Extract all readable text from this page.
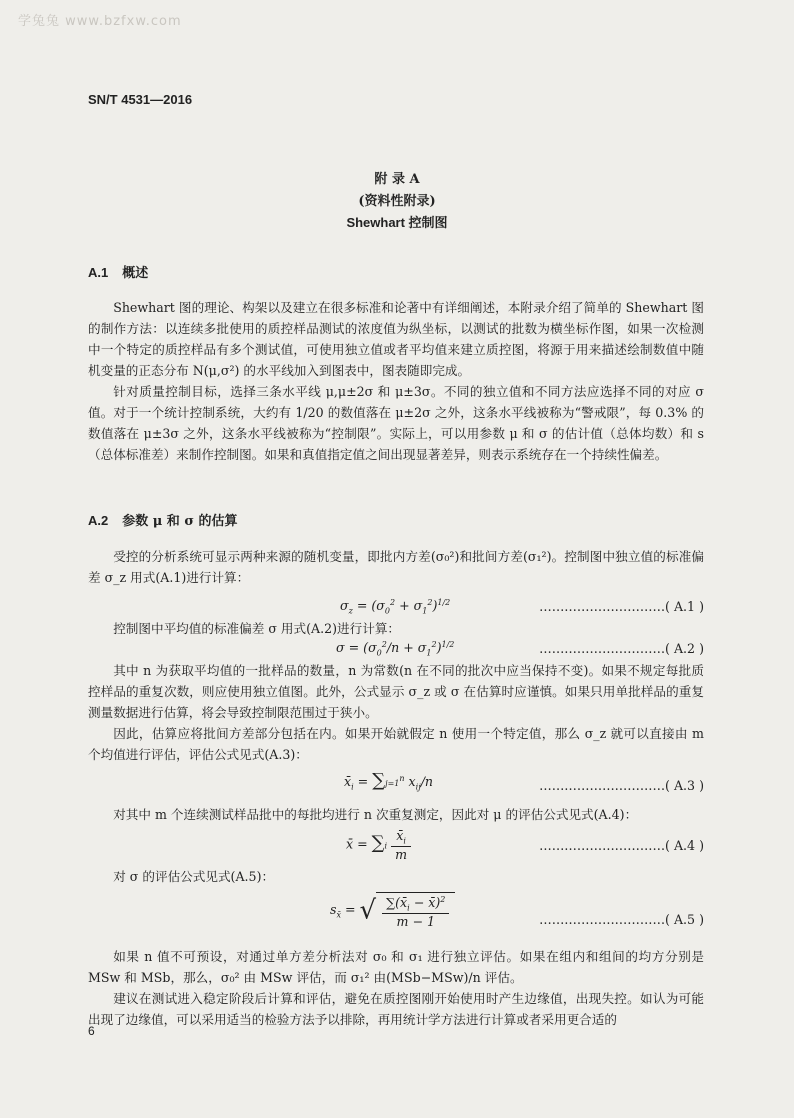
学兔兔 www.bzfxw.com
SN/T 4531—2016
附 录 A
(资料性附录)
Shewhart 控制图
A.1 概述
Shewhart 图的理论、构架以及建立在很多标准和论著中有详细阐述，本附录介绍了简单的 Shewhart 图的制作方法：以连续多批使用的质控样品测试的浓度值为纵坐标，以测试的批数为横坐标作图，如果一次检测中一个特定的质控样品有多个测试值，可使用独立值或者平均值来建立质控图，将源于用来描述绘制数值中随机变量的正态分布 N(μ,σ²) 的水平线加入到图表中，图表随即完成。
针对质量控制目标，选择三条水平线 μ,μ±2σ 和 μ±3σ。不同的独立值和不同方法应选择不同的对应 σ 值。对于一个统计控制系统，大约有 1/20 的数值落在 μ±2σ 之外，这条水平线被称为“警戒限”，每 0.3% 的数值落在 μ±3σ 之外，这条水平线被称为“控制限”。实际上，可以用参数 μ 和 σ 的估计值（总体均数）和 s（总体标准差）来制作控制图。如果和真值指定值之间出现显著差异，则表示系统存在一个持续性偏差。
A.2 参数 μ 和 σ 的估算
受控的分析系统可显示两种来源的随机变量，即批内方差(σ₀²)和批间方差(σ₁²)。控制图中独立值的标准偏差 σ_z 用式(A.1)进行计算：
$\sigma_z = (\sigma_0^2 + \sigma_1^2)^{1/2}$	…………………………( A.1 )
控制图中平均值的标准偏差 σ 用式(A.2)进行计算：
$\sigma = (\sigma_0^2/n + \sigma_1^2)^{1/2}$	…………………………( A.2 )
其中 n 为获取平均值的一批样品的数量，n 为常数(n 在不同的批次中应当保持不变)。如果不规定每批质控样品的重复次数，则应使用独立值图。此外，公式显示 σ_z 或 σ 在估算时应谨慎。如果只用单批样品的重复测量数据进行估算，将会导致控制限范围过于狭小。
因此，估算应将批间方差部分包括在内。如果开始就假定 n 使用一个特定值，那么 σ_z 就可以直接由 m 个均值进行评估，评估公式见式(A.3)：
$x̄_i = \sum j=1^n$ $x_{ij}/n$	…………………………( A.3 )
对其中 m 个连续测试样品批中的每批均进行 n 次重复测定，因此对 μ 的评估公式见式(A.4)：
x̄ = $\sum i \frac{x̄_i}{m}$	…………………………( A.4 )
对 σ 的评估公式见式(A.5)：
$s_{x̄}$ = √ $\frac{\sum(x̄_i - x̄)^2}{m - 1}$	…………………………( A.5 )
如果 n 值不可预设，对通过单方差分析法对 σ₀ 和 σ₁ 进行独立评估。如果在组内和组间的均方分别是 MSw 和 MSb，那么，σ₀² 由 MSw 评估，而 σ₁² 由(MSb−MSw)/n 评估。
建议在测试进入稳定阶段后计算和评估，避免在质控图刚开始使用时产生边缘值，出现失控。如认为可能出现了边缘值，可以采用适当的检验方法予以排除，再用统计学方法进行计算或者采用更合适的
6
